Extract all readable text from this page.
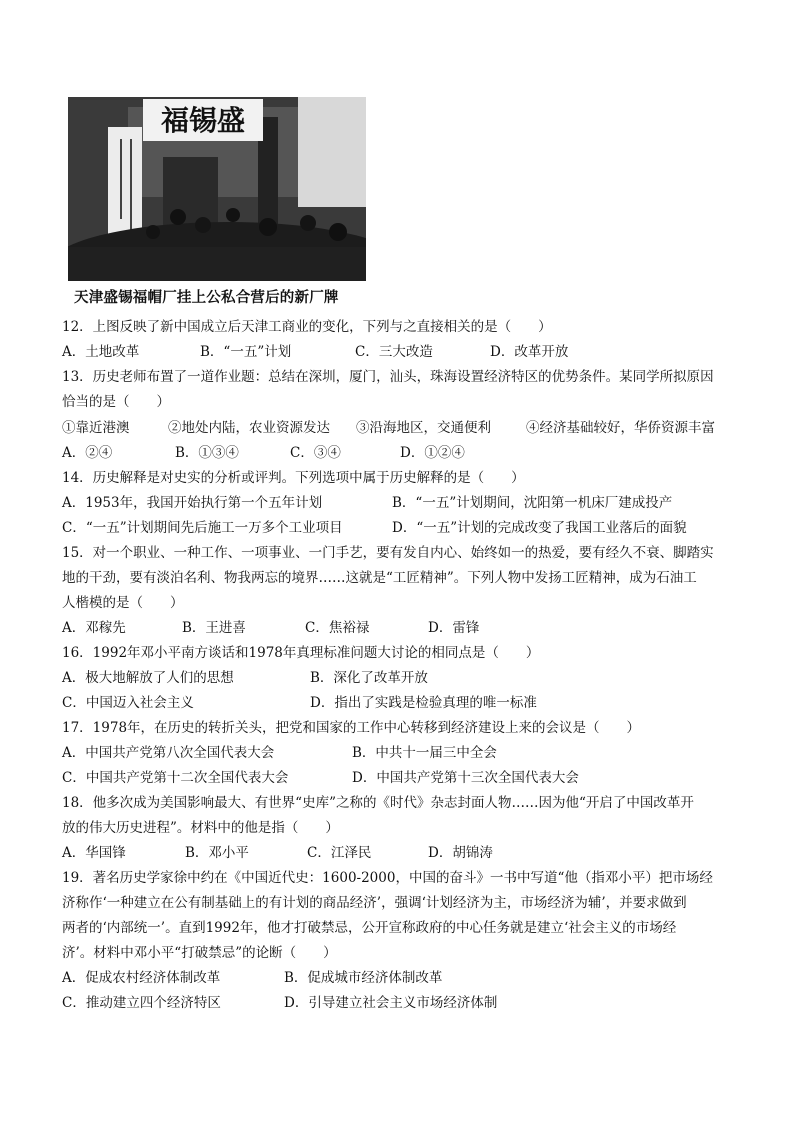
福锡盛
天津盛锡福帽厂挂上公私合营后的新厂牌
12．上图反映了新中国成立后天津工商业的变化，下列与之直接相关的是（　　）
A．土地改革	B．“一五”计划	C．三大改造	D．改革开放
13．历史老师布置了一道作业题：总结在深圳，厦门，汕头，珠海设置经济特区的优势条件。某同学所拟原因
恰当的是（　　）
①靠近港澳	②地处内陆，农业资源发达 ③沿海地区，交通便利	④经济基础较好，华侨资源丰富
A．②④	B．①③④	C．③④	D．①②④
14．历史解释是对史实的分析或评判。下列选项中属于历史解释的是（　　）
A．1953年，我国开始执行第一个五年计划	B．“一五”计划期间，沈阳第一机床厂建成投产
C．“一五”计划期间先后施工一万多个工业项目	D．“一五”计划的完成改变了我国工业落后的面貌
15．对一个职业、一种工作、一项事业、一门手艺，要有发自内心、始终如一的热爱，要有经久不衰、脚踏实
地的干劲，要有淡泊名利、物我两忘的境界……这就是“工匠精神”。下列人物中发扬工匠精神，成为石油工
人楷模的是（　　）
A．邓稼先	B．王进喜	C．焦裕禄	D．雷锋
16．1992年邓小平南方谈话和1978年真理标准问题大讨论的相同点是（　　）
A．极大地解放了人们的思想	B．深化了改革开放
C．中国迈入社会主义	D．指出了实践是检验真理的唯一标准
17．1978年，在历史的转折关头，把党和国家的工作中心转移到经济建设上来的会议是（　　）
A．中国共产党第八次全国代表大会	B．中共十一届三中全会
C．中国共产党第十二次全国代表大会	D．中国共产党第十三次全国代表大会
18．他多次成为美国影响最大、有世界“史库”之称的《时代》杂志封面人物……因为他“开启了中国改革开
放的伟大历史进程”。材料中的他是指（　　）
A．华国锋	B．邓小平	C．江泽民	D．胡锦涛
19．著名历史学家徐中约在《中国近代史：1600-2000，中国的奋斗》一书中写道“他（指邓小平）把市场经
济称作‘一种建立在公有制基础上的有计划的商品经济’，强调‘计划经济为主，市场经济为辅’，并要求做到
两者的‘内部统一’。直到1992年，他才打破禁忌，公开宣称政府的中心任务就是建立‘社会主义的市场经
济’。材料中邓小平“打破禁忌”的论断（　　）
A．促成农村经济体制改革	B．促成城市经济体制改革
C．推动建立四个经济特区	D．引导建立社会主义市场经济体制
